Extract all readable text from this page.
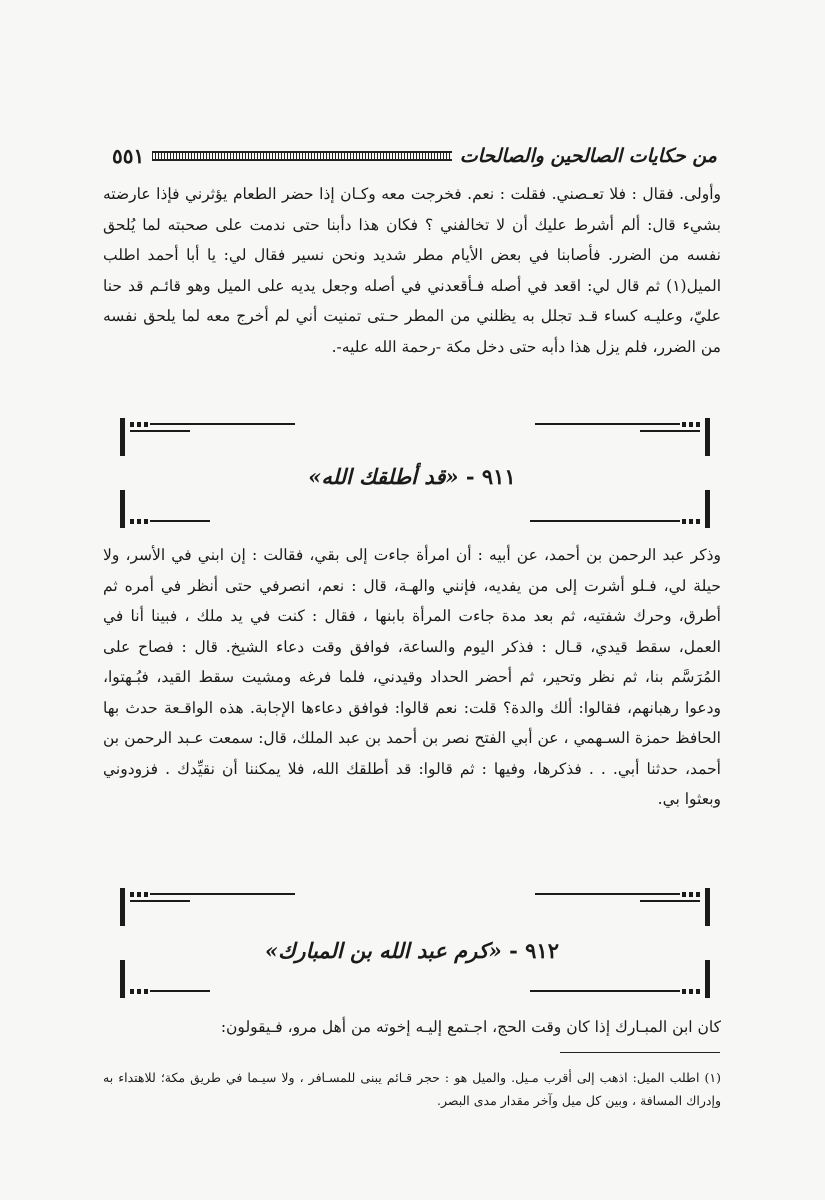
من حكايات الصالحين والصالحات
٥٥١
وأولى. فقال : فلا تعـصني. فقلت : نعم. فخرجت معه وكـان إذا حضر الطعام يؤثرني فإذا عارضته بشيء قال: ألم أشرط عليك أن لا تخالفني ؟ فكان هذا دأبنا حتى ندمت على صحبته لما يُلحق نفسه من الضرر. فأصابنا في بعض الأيام مطر شديد ونحن نسير فقال لي: يا أبا أحمد اطلب الميل(١) ثم قال لي: اقعد في أصله فـأقعدني في أصله وجعل يديه على الميل وهو قائـم قد حنا عليّ، وعليـه كساء قـد تجلل به يظلني من المطر حـتى تمنيت أني لم أخرج معه لما يلحق نفسه من الضرر، فلم يزل هذا دأبه حتى دخل مكة -رحمة الله عليه-.
٩١١ - «قد أطلقك الله»
وذكر عبد الرحمن بن أحمد، عن أبيه : أن امرأة جاءت إلى بقي، فقالت : إن ابني في الأسر، ولا حيلة لي، فـلو أشرت إلى من يفديه، فإنني والهـة، قال : نعم، انصرفي حتى أنظر في أمره ثم أطرق، وحرك شفتيه، ثم بعد مدة جاءت المرأة بابنها ، فقال : كنت في يد ملك ، فبينا أنا في العمل، سقط قيدي، قـال : فذكر اليوم والساعة، فوافق وقت دعاء الشيخ. قال : فصاح على المُرَسَّم بنا، ثم نظر وتحير، ثم أحضر الحداد وقيدني، فلما فرغه ومشيت سقط القيد، فبُـهتوا، ودعوا رهبانهم، فقالوا: ألك والدة؟ قلت: نعم قالوا: فوافق دعاءها الإجابة. هذه الواقـعة حدث بها الحافظ حمزة السـهمي ، عن أبي الفتح نصر بن أحمد بن عبد الملك، قال: سمعت عـبد الرحمن بن أحمد، حدثنا أبي. . . فذكرها، وفيها : ثم قالوا: قد أطلقك الله، فلا يمكننا أن نقيِّدك . فزودوني وبعثوا بي.
٩١٢ - «كرم عبد الله بن المبارك»
كان ابن المبـارك إذا كان وقت الحج، اجـتمع إليـه إخوته من أهل مرو، فـيقولون:
(١) اطلب الميل: اذهب إلى أقرب مـيل. والميل هو : حجر قـائم يبنى للمسـافر ، ولا سيـما في طريق مكة؛ للاهتداء به وإدراك المسافة ، وبين كل ميل وآخر مقدار مدى البصر.
